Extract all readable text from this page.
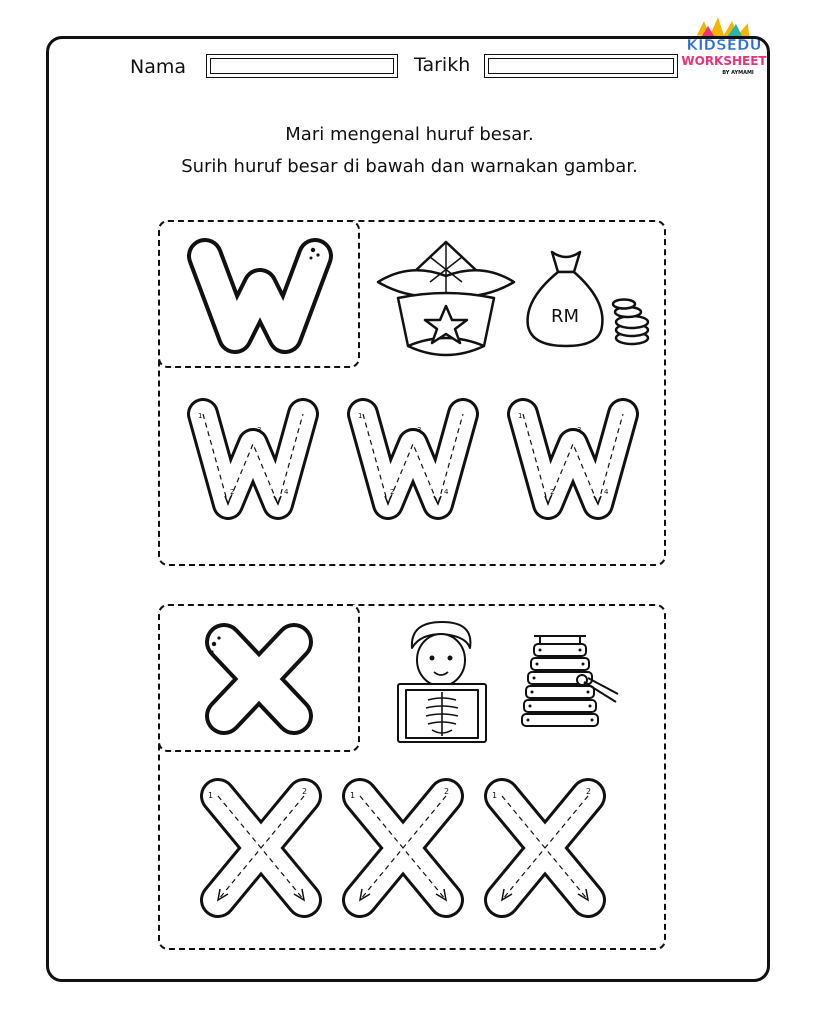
KIDSEDU
WORKSHEET
BY AYMAMI
Nama	Tarikh
Mari mengenal huruf besar.
Surih huruf besar di bawah dan warnakan gambar.
RM
1
2
3
4
1
2
3
4
1
2
3
4
1	2	1	2	1	2
